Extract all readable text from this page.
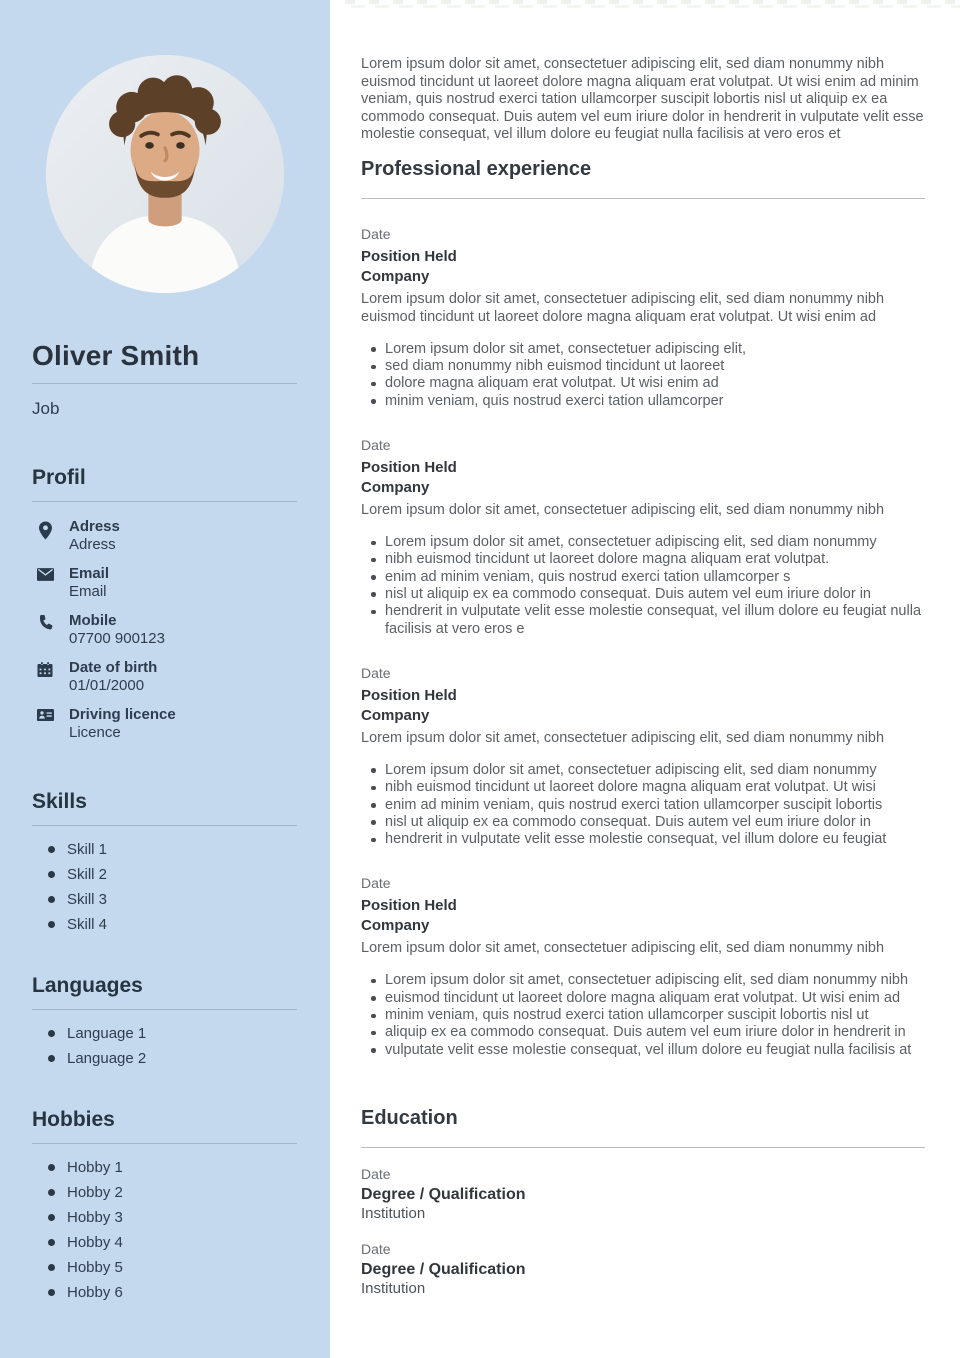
Oliver Smith
Job
Profil
Adress
Adress
Email
Email
Mobile
07700 900123
Date of birth
01/01/2000
Driving licence
Licence
Skills
Skill 1
Skill 2
Skill 3
Skill 4
Languages
Language 1
Language 2
Hobbies
Hobby 1
Hobby 2
Hobby 3
Hobby 4
Hobby 5
Hobby 6

Lorem ipsum dolor sit amet, consectetuer adipiscing elit, sed diam nonummy nibh euismod tincidunt ut laoreet dolore magna aliquam erat volutpat. Ut wisi enim ad minim veniam, quis nostrud exerci tation ullamcorper suscipit lobortis nisl ut aliquip ex ea commodo consequat. Duis autem vel eum iriure dolor in hendrerit in vulputate velit esse molestie consequat, vel illum dolore eu feugiat nulla facilisis at vero eros et

Professional experience
Date
Position Held
Company

Lorem ipsum dolor sit amet, consectetuer adipiscing elit, sed diam nonummy nibh euismod tincidunt ut laoreet dolore magna aliquam erat volutpat. Ut wisi enim ad

Lorem ipsum dolor sit amet, consectetuer adipiscing elit,
sed diam nonummy nibh euismod tincidunt ut laoreet
dolore magna aliquam erat volutpat. Ut wisi enim ad
minim veniam, quis nostrud exerci tation ullamcorper
Date
Position Held
Company

Lorem ipsum dolor sit amet, consectetuer adipiscing elit, sed diam nonummy nibh

Lorem ipsum dolor sit amet, consectetuer adipiscing elit, sed diam nonummy
nibh euismod tincidunt ut laoreet dolore magna aliquam erat volutpat.
enim ad minim veniam, quis nostrud exerci tation ullamcorper s
nisl ut aliquip ex ea commodo consequat. Duis autem vel eum iriure dolor in
hendrerit in vulputate velit esse molestie consequat, vel illum dolore eu feugiat nulla facilisis at vero eros e
Date
Position Held
Company

Lorem ipsum dolor sit amet, consectetuer adipiscing elit, sed diam nonummy nibh

Lorem ipsum dolor sit amet, consectetuer adipiscing elit, sed diam nonummy
nibh euismod tincidunt ut laoreet dolore magna aliquam erat volutpat. Ut wisi
enim ad minim veniam, quis nostrud exerci tation ullamcorper suscipit lobortis
nisl ut aliquip ex ea commodo consequat. Duis autem vel eum iriure dolor in
hendrerit in vulputate velit esse molestie consequat, vel illum dolore eu feugiat
Date
Position Held
Company

Lorem ipsum dolor sit amet, consectetuer adipiscing elit, sed diam nonummy nibh

Lorem ipsum dolor sit amet, consectetuer adipiscing elit, sed diam nonummy nibh
euismod tincidunt ut laoreet dolore magna aliquam erat volutpat. Ut wisi enim ad
minim veniam, quis nostrud exerci tation ullamcorper suscipit lobortis nisl ut
aliquip ex ea commodo consequat. Duis autem vel eum iriure dolor in hendrerit in
vulputate velit esse molestie consequat, vel illum dolore eu feugiat nulla facilisis at
Education
Date
Degree / Qualification
Institution
Date
Degree / Qualification
Institution
